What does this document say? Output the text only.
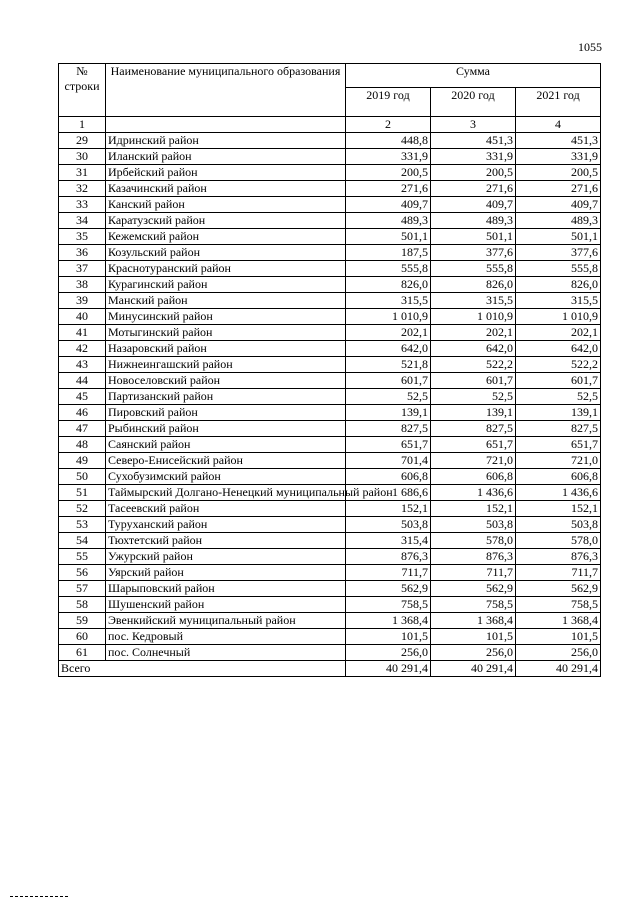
1055
№
строки	Наименование муниципального образования	Сумма		
		2019 год	2020 год	2021 год
1		2	3	4
29	Идринский район	448,8	451,3	451,3
30	Иланский район	331,9	331,9	331,9
31	Ирбейский район	200,5	200,5	200,5
32	Казачинский район	271,6	271,6	271,6
33	Канский район	409,7	409,7	409,7
34	Каратузский район	489,3	489,3	489,3
35	Кежемский район	501,1	501,1	501,1
36	Козульский район	187,5	377,6	377,6
37	Краснотуранский район	555,8	555,8	555,8
38	Курагинский район	826,0	826,0	826,0
39	Манский район	315,5	315,5	315,5
40	Минусинский район	1 010,9	1 010,9	1 010,9
41	Мотыгинский район	202,1	202,1	202,1
42	Назаровский район	642,0	642,0	642,0
43	Нижнеингашский район	521,8	522,2	522,2
44	Новоселовский район	601,7	601,7	601,7
45	Партизанский район	52,5	52,5	52,5
46	Пировский район	139,1	139,1	139,1
47	Рыбинский район	827,5	827,5	827,5
48	Саянский район	651,7	651,7	651,7
49	Северо-Енисейский район	701,4	721,0	721,0
50	Сухобузимский район	606,8	606,8	606,8
51	Таймырский Долгано-Ненецкий муниципальный район	1 686,6	1 436,6	1 436,6
52	Тасеевский район	152,1	152,1	152,1
53	Туруханский район	503,8	503,8	503,8
54	Тюхтетский район	315,4	578,0	578,0
55	Ужурский район	876,3	876,3	876,3
56	Уярский район	711,7	711,7	711,7
57	Шарыповский район	562,9	562,9	562,9
58	Шушенский район	758,5	758,5	758,5
59	Эвенкийский муниципальный район	1 368,4	1 368,4	1 368,4
60	пос. Кедровый	101,5	101,5	101,5
61	пос. Солнечный	256,0	256,0	256,0
Всего		40 291,4	40 291,4	40 291,4
